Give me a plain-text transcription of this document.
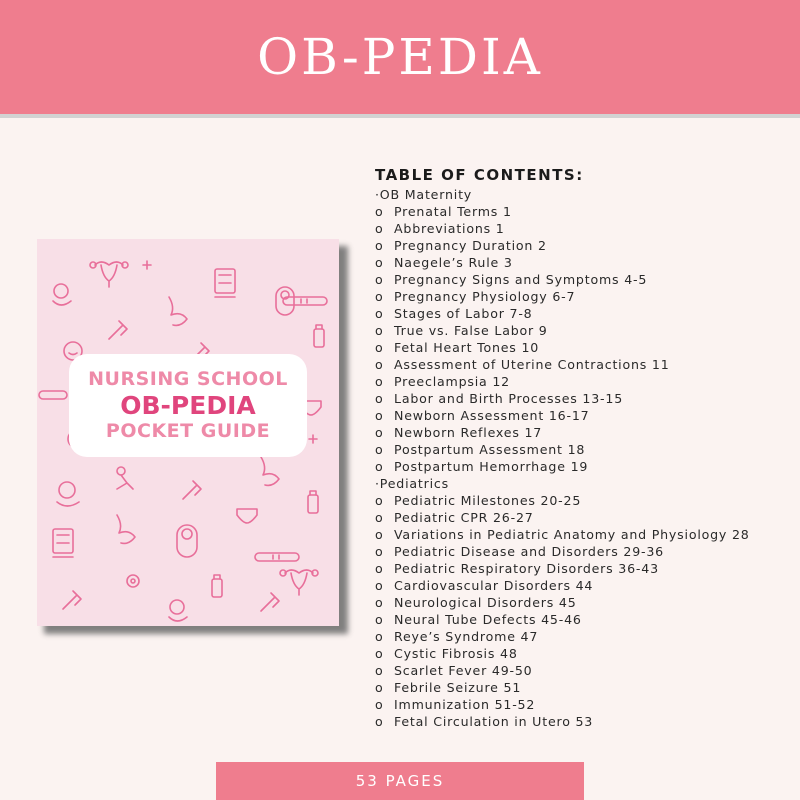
OB-PEDIA
NURSING SCHOOL
OB-PEDIA
POCKET GUIDE

TABLE OF CONTENTS:

·OB Maternity
o Prenatal Terms 1
o Abbreviations 1
o Pregnancy Duration 2
o Naegele’s Rule 3
o Pregnancy Signs and Symptoms 4-5
o Pregnancy Physiology 6-7
o Stages of Labor 7-8
o True vs. False Labor 9
o Fetal Heart Tones 10
o Assessment of Uterine Contractions 11
o Preeclampsia 12
o Labor and Birth Processes 13-15
o Newborn Assessment 16-17
o Newborn Reflexes 17
o Postpartum Assessment 18
o Postpartum Hemorrhage 19
·Pediatrics
o Pediatric Milestones 20-25
o Pediatric CPR 26-27
o Variations in Pediatric Anatomy and Physiology 28
o Pediatric Disease and Disorders 29-36
o Pediatric Respiratory Disorders 36-43
o Cardiovascular Disorders 44
o Neurological Disorders 45
o Neural Tube Defects 45-46
o Reye’s Syndrome 47
o Cystic Fibrosis 48
o Scarlet Fever 49-50
o Febrile Seizure 51
o Immunization 51-52
o Fetal Circulation in Utero 53
53 PAGES
